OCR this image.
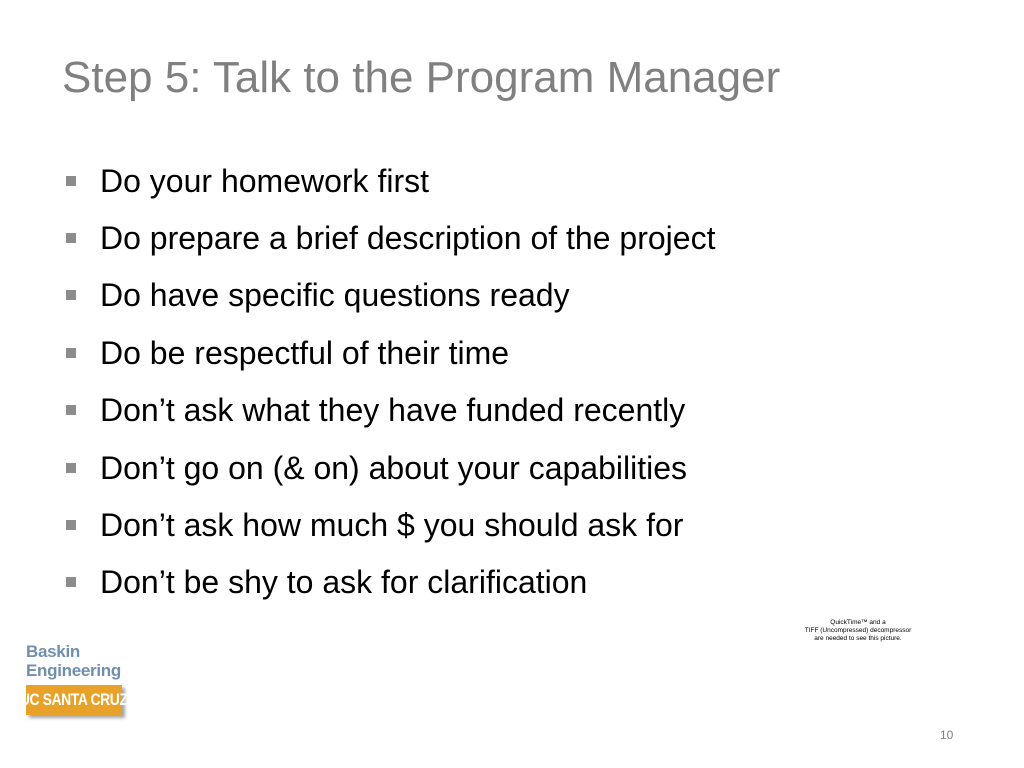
Step 5: Talk to the Program Manager
Do your homework first
Do prepare a brief description of the project
Do have specific questions ready
Do be respectful of their time
Don’t ask what they have funded recently
Don’t go on (& on) about your capabilities
Don’t ask how much $ you should ask for
Don’t be shy to ask for clarification
QuickTime™ and a
TIFF (Uncompressed) decompressor
are needed to see this picture.
Baskin
Engineering
UC SANTA CRUZ
10
